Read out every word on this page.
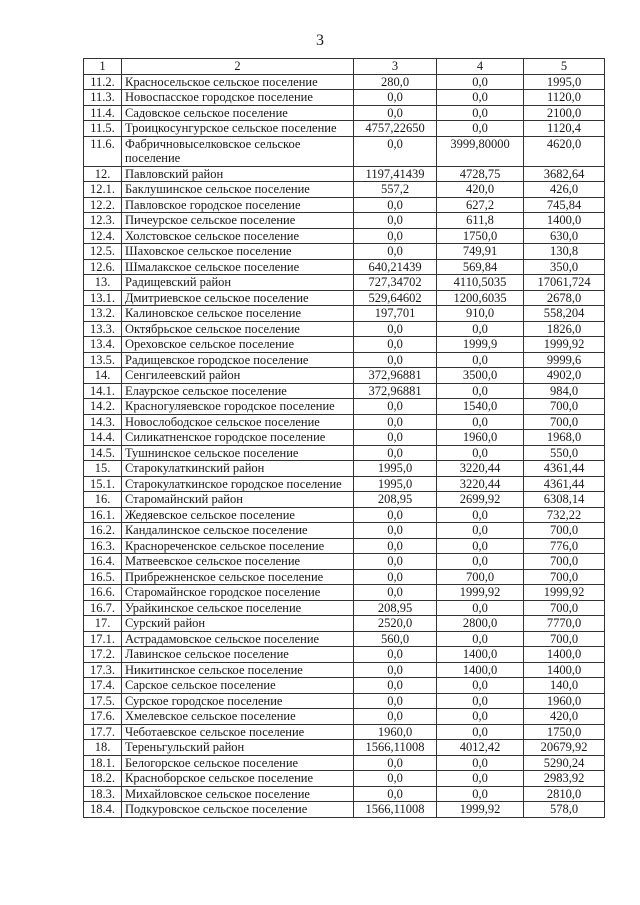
3
1	2	3	4	5
11.2.	Красносельское сельское поселение	280,0	0,0	1995,0
11.3.	Новоспасское городское поселение	0,0	0,0	1120,0
11.4.	Садовское сельское поселение	0,0	0,0	2100,0
11.5.	Троицкосунгурское сельское поселение	4757,22650	0,0	1120,4
11.6.	Фабричновыселковское сельское поселение	0,0	3999,80000	4620,0
12.	Павловский район	1197,41439	4728,75	3682,64
12.1.	Баклушинское сельское поселение	557,2	420,0	426,0
12.2.	Павловское городское поселение	0,0	627,2	745,84
12.3.	Пичеурское сельское поселение	0,0	611,8	1400,0
12.4.	Холстовское сельское поселение	0,0	1750,0	630,0
12.5.	Шаховское сельское поселение	0,0	749,91	130,8
12.6.	Шмалакское сельское поселение	640,21439	569,84	350,0
13.	Радищевский район	727,34702	4110,5035	17061,724
13.1.	Дмитриевское сельское поселение	529,64602	1200,6035	2678,0
13.2.	Калиновское сельское поселение	197,701	910,0	558,204
13.3.	Октябрьское сельское поселение	0,0	0,0	1826,0
13.4.	Ореховское сельское поселение	0,0	1999,9	1999,92
13.5.	Радищевское городское поселение	0,0	0,0	9999,6
14.	Сенгилеевский район	372,96881	3500,0	4902,0
14.1.	Елаурское сельское поселение	372,96881	0,0	984,0
14.2.	Красногуляевское городское поселение	0,0	1540,0	700,0
14.3.	Новослободское сельское поселение	0,0	0,0	700,0
14.4.	Силикатненское городское поселение	0,0	1960,0	1968,0
14.5.	Тушнинское сельское поселение	0,0	0,0	550,0
15.	Старокулаткинский район	1995,0	3220,44	4361,44
15.1.	Старокулаткинское городское поселение	1995,0	3220,44	4361,44
16.	Старомайнский район	208,95	2699,92	6308,14
16.1.	Жедяевское сельское поселение	0,0	0,0	732,22
16.2.	Кандалинское сельское поселение	0,0	0,0	700,0
16.3.	Краснореченское сельское поселение	0,0	0,0	776,0
16.4.	Матвеевское сельское поселение	0,0	0,0	700,0
16.5.	Прибрежненское сельское поселение	0,0	700,0	700,0
16.6.	Старомайнское городское поселение	0,0	1999,92	1999,92
16.7.	Урайкинское сельское поселение	208,95	0,0	700,0
17.	Сурский район	2520,0	2800,0	7770,0
17.1.	Астрадамовское сельское поселение	560,0	0,0	700,0
17.2.	Лавинское сельское поселение	0,0	1400,0	1400,0
17.3.	Никитинское сельское поселение	0,0	1400,0	1400,0
17.4.	Сарское сельское поселение	0,0	0,0	140,0
17.5.	Сурское городское поселение	0,0	0,0	1960,0
17.6.	Хмелевское сельское поселение	0,0	0,0	420,0
17.7.	Чеботаевское сельское поселение	1960,0	0,0	1750,0
18.	Тереньгульский район	1566,11008	4012,42	20679,92
18.1.	Белогорское сельское поселение	0,0	0,0	5290,24
18.2.	Красноборское сельское поселение	0,0	0,0	2983,92
18.3.	Михайловское сельское поселение	0,0	0,0	2810,0
18.4.	Подкуровское сельское поселение	1566,11008	1999,92	578,0
